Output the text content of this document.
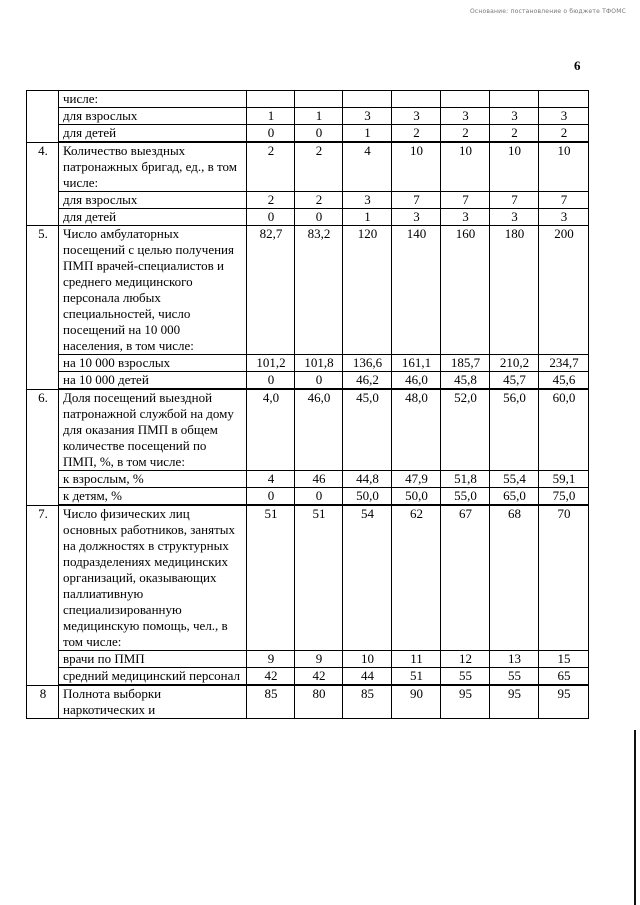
Основание: постановление о бюджете ТФОМС
6
	числе:							
	для взрослых	1	1	3	3	3	3	3
	для детей	0	0	1	2	2	2	2
4.	Количество выездных патронажных бригад, ед., в том числе:	2	2	4	10	10	10	10
	для взрослых	2	2	3	7	7	7	7
	для детей	0	0	1	3	3	3	3
5.	Число амбулаторных посещений с целью получения ПМП врачей-специалистов и среднего медицинского персонала любых специальностей, число посещений на 10 000 населения, в том числе:	82,7	83,2	120	140	160	180	200
	на 10 000 взрослых	101,2	101,8	136,6	161,1	185,7	210,2	234,7
	на 10 000 детей	0	0	46,2	46,0	45,8	45,7	45,6
6.	Доля посещений выездной патронажной службой на дому для оказания ПМП в общем количестве посещений по ПМП, %, в том числе:	4,0	46,0	45,0	48,0	52,0	56,0	60,0
	к взрослым, %	4	46	44,8	47,9	51,8	55,4	59,1
	к детям, %	0	0	50,0	50,0	55,0	65,0	75,0
7.	Число физических лиц основных работников, занятых на должностях в структурных подразделениях медицинских организаций, оказывающих паллиативную специализированную медицинскую помощь, чел., в том числе:	51	51	54	62	67	68	70
	врачи по ПМП	9	9	10	11	12	13	15
	средний медицинский персонал	42	42	44	51	55	55	65
8	Полнота выборки наркотических и	85	80	85	90	95	95	95
